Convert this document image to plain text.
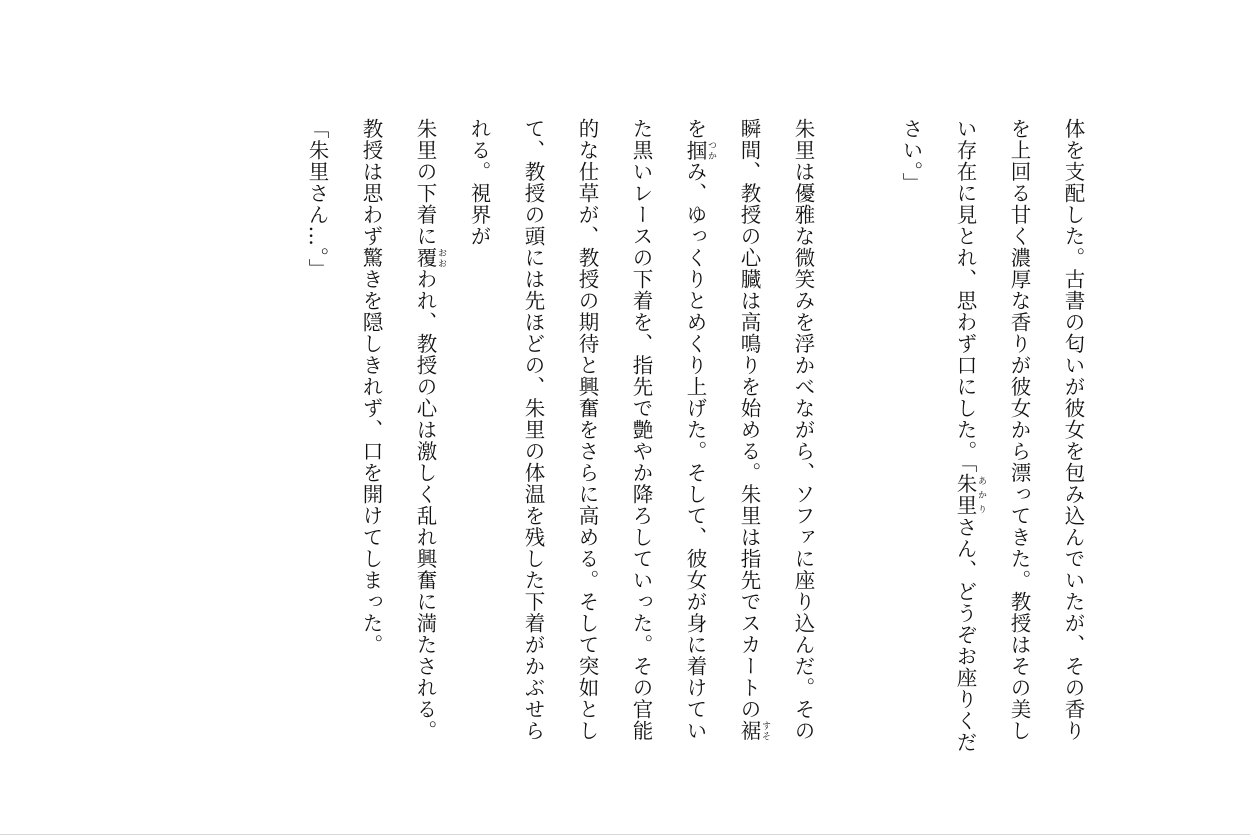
体を支配した。古書の匂いが彼女を包み込んでいたが、その香りを上回る甘く濃厚な香りが彼女から漂ってきた。教授はその美しい存在に見とれ、思わず口にした。「朱里 あかりさん、どうぞお座りください。」

朱里は優雅な微笑みを浮かべながら、ソファに座り込んだ。その瞬間、教授の心臓は高鳴りを始める。朱里は指先でスカートの裾 すそを掴 つかみ、ゆっくりとめくり上げた。そして、彼女が身に着けていた黒いレースの下着を、指先で艶やか降ろしていった。その官能的な仕草が、教授の期待と興奮をさらに高める。そして突如として、教授の頭には先ほどの、朱里の体温を残した下着がかぶせられる。視界が

朱里の下着に覆 おおわれ、教授の心は激しく乱れ興奮に満たされる。

教授は思わず驚きを隠しきれず、口を開けてしまった。

「朱里さん…。」
